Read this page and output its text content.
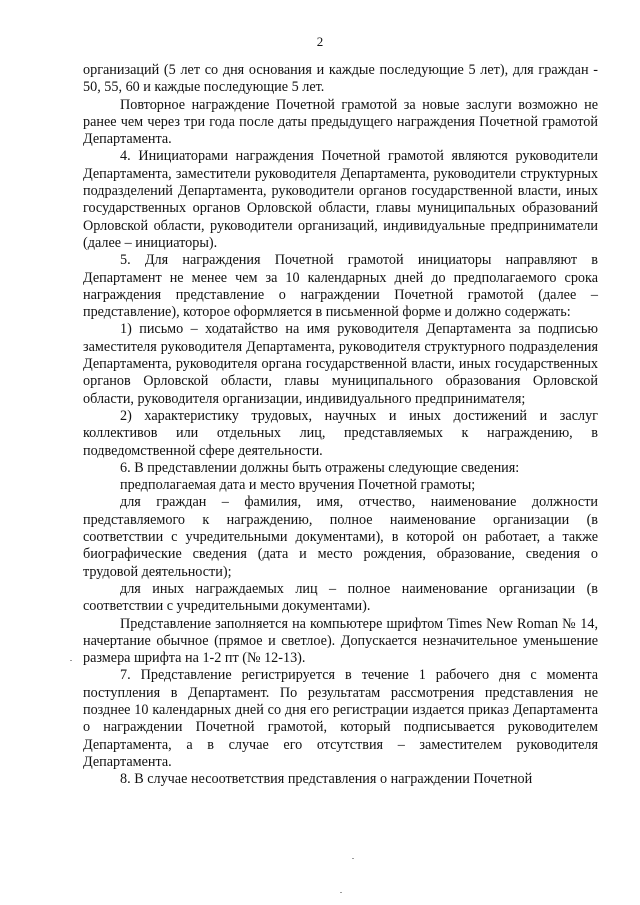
2

организаций (5 лет со дня основания и каждые последующие 5 лет), для граждан - 50, 55, 60 и каждые последующие 5 лет.

Повторное награждение Почетной грамотой за новые заслуги возможно не ранее чем через три года после даты предыдущего награждения Почетной грамотой Департамента.

4. Инициаторами награждения Почетной грамотой являются руководители Департамента, заместители руководителя Департамента, руководители структурных подразделений Департамента, руководители органов государственной власти, иных государственных органов Орловской области, главы муниципальных образований Орловской области, руководители организаций, индивидуальные предприниматели (далее – инициаторы).

5. Для награждения Почетной грамотой инициаторы направляют в Департамент не менее чем за 10 календарных дней до предполагаемого срока награждения представление о награждении Почетной грамотой (далее – представление), которое оформляется в письменной форме и должно содержать:

1) письмо – ходатайство на имя руководителя Департамента за подписью заместителя руководителя Департамента, руководителя структурного подразделения Департамента, руководителя органа государственной власти, иных государственных органов Орловской области, главы муниципального образования Орловской области, руководителя организации, индивидуального предпринимателя;

2) характеристику трудовых, научных и иных достижений и заслуг коллективов или отдельных лиц, представляемых к награждению, в подведомственной сфере деятельности.

6. В представлении должны быть отражены следующие сведения:

предполагаемая дата и место вручения Почетной грамоты;

для граждан – фамилия, имя, отчество, наименование должности представляемого к награждению, полное наименование организации (в соответствии с учредительными документами), в которой он работает, а также биографические сведения (дата и место рождения, образование, сведения о трудовой деятельности);

для иных награждаемых лиц – полное наименование организации (в соответствии с учредительными документами).

Представление заполняется на компьютере шрифтом Times New Roman № 14, начертание обычное (прямое и светлое). Допускается незначительное уменьшение размера шрифта на 1-2 пт (№ 12-13).

7. Представление регистрируется в течение 1 рабочего дня с момента поступления в Департамент. По результатам рассмотрения представления не позднее 10 календарных дней со дня его регистрации издается приказ Департамента о награждении Почетной грамотой, который подписывается руководителем Департамента, а в случае его отсутствия – заместителем руководителя Департамента.

8. В случае несоответствия представления о награждении Почетной
